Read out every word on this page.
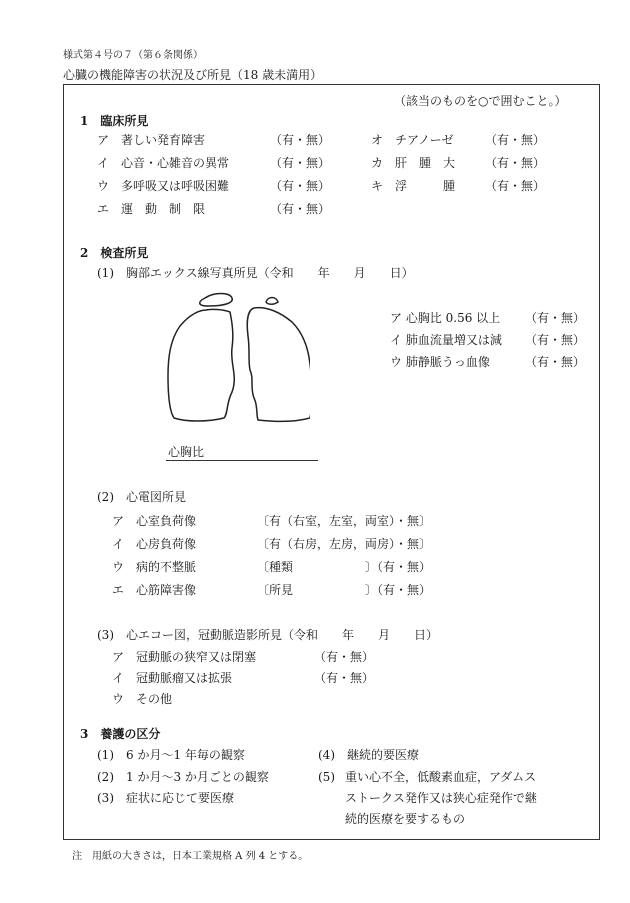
様式第４号の７（第６条関係）
心臓の機能障害の状況及び所見（18 歳未満用）
（該当のものを○で囲むこと。）
1　臨床所見
ア　著しい発育障害	（有・無）
イ　心音・心雑音の異常	（有・無）
ウ　多呼吸又は呼吸困難	（有・無）
エ　運　動　制　限	（有・無）
オ　チアノーゼ	（有・無）
カ　肝　腫　大 （有・無）
キ　浮　　　腫 （有・無）
2　検査所見
(1)　胸部エックス線写真所見（令和　　年　　月　　日）
ア 心胸比 0.56 以上 （有・無）
イ 肺血流量増又は減 （有・無）
ウ 肺静脈うっ血像	（有・無）
心胸比
(2)　心電図所見
ア　心室負荷像	〔有（右室，左室，両室）・無〕
イ　心房負荷像	〔有（右房，左房，両房）・無〕
ウ　病的不整脈	〔種類　　　　　　〕（有・無）
エ　心筋障害像	〔所見　　　　　　〕（有・無）
(3)　心エコー図，冠動脈造影所見（令和　　年　　月　　日）
ア　冠動脈の狭窄又は閉塞	（有・無）
イ　冠動脈瘤又は拡張	（有・無）
ウ　その他
3　養護の区分
(1)　6 か月～1 年毎の観察
(2)　1 か月～3 か月ごとの観察
(3)　症状に応じて要医療
(4)　継続的要医療
(5) 重い心不全，低酸素血症，アダムス
ストークス発作又は狭心症発作で継
続的医療を要するもの
注　用紙の大きさは，日本工業規格 A 列 4 とする。
